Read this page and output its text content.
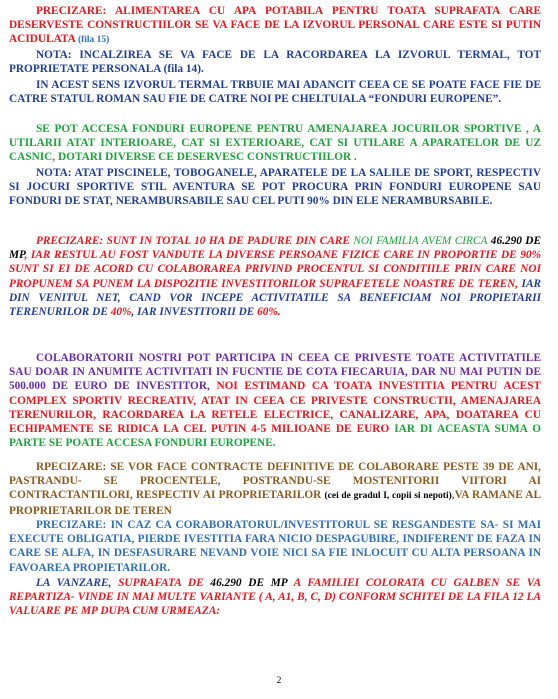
PRECIZARE: ALIMENTAREA CU APA POTABILA PENTRU TOATA SUPRAFATA CARE DESERVESTE CONSTRUCTIILOR SE VA FACE DE LA IZVORUL PERSONAL CARE ESTE SI PUTIN ACIDULATA (fila 15)

NOTA: INCALZIREA SE VA FACE DE LA RACORDAREA LA IZVORUL TERMAL, TOT PROPRIETATE PERSONALA (fila 14).

IN ACEST SENS IZVORUL TERMAL TRBUIE MAI ADANCIT CEEA CE SE POATE FACE FIE DE CATRE STATUL ROMAN SAU FIE DE CATRE NOI PE CHELTUIALA “FONDURI EUROPENE”.

SE POT ACCESA FONDURI EUROPENE PENTRU AMENAJAREA JOCURILOR SPORTIVE , A UTILARII ATAT INTERIOARE, CAT SI EXTERIOARE, CAT SI UTILARE A APARATELOR DE UZ CASNIC, DOTARI DIVERSE CE DESERVESC CONSTRUCTIILOR .

NOTA: ATAT PISCINELE, TOBOGANELE, APARATELE DE LA SALILE DE SPORT, RESPECTIV SI JOCURI SPORTIVE STIL AVENTURA SE POT PROCURA PRIN FONDURI EUROPENE SAU FONDURI DE STAT, NERAMBURSABILE SAU CEL PUTI 90% DIN ELE NERAMBURSABILE.

PRECIZARE: SUNT IN TOTAL 10 HA DE PADURE DIN CARE NOI FAMILIA AVEM CIRCA 46.290 DE MP, IAR RESTUL AU FOST VANDUTE LA DIVERSE PERSOANE FIZICE CARE IN PROPORTIE DE 90% SUNT SI EI DE ACORD CU COLABORAREA PRIVIND PROCENTUL SI CONDITIILE PRIN CARE NOI PROPUNEM SA PUNEM LA DISPOZITIE INVESTITORILOR SUPRAFETELE NOASTRE DE TEREN, IAR DIN VENITUL NET, CAND VOR INCEPE ACTIVITATILE SA BENEFICIAM NOI PROPIETARII TERENURILOR DE 40%, IAR INVESTITORII DE 60%.

COLABORATORII NOSTRI POT PARTICIPA IN CEEA CE PRIVESTE TOATE ACTIVITATILE SAU DOAR IN ANUMITE ACTIVITATI IN FUCNTIE DE COTA FIECARUIA, DAR NU MAI PUTIN DE 500.000 DE EURO DE INVESTITOR, NOI ESTIMAND CA TOATA INVESTITIA PENTRU ACEST COMPLEX SPORTIV RECREATIV, ATAT IN CEEA CE PRIVESTE CONSTRUCTII, AMENAJAREA TERENURILOR, RACORDAREA LA RETELE ELECTRICE, CANALIZARE, APA, DOATAREA CU ECHIPAMENTE SE RIDICA LA CEL PUTIN 4-5 MILIOANE DE EURO IAR DI ACEASTA SUMA O PARTE SE POATE ACCESA FONDURI EUROPENE.

RPECIZARE: SE VOR FACE CONTRACTE DEFINITIVE DE COLABORARE PESTE 39 DE ANI, PASTRANDU- SE PROCENTELE, POSTRANDU-SE MOSTENITORII VIITORI AI CONTRACTANTILORI, RESPECTIV AI PROPRIETARILOR (cei de gradul I, copii si nepoti),VA RAMANE AL PROPRIETARILOR DE TEREN

PRECIZARE: IN CAZ CA CORABORATORUL/INVESTITORUL SE RESGANDESTE SA- SI MAI EXECUTE OBLIGATIA, PIERDE IVESTITIA FARA NICIO DESPAGUBIRE, INDIFERENT DE FAZA IN CARE SE ALFA, IN DESFASURARE NEVAND VOIE NICI SA FIE INLOCUIT CU ALTA PERSOANA IN FAVOAREA PROPIETARILOR.

LA VANZARE, SUPRAFATA DE 46.290 DE MP A FAMILIEI COLORATA CU GALBEN SE VA REPARTIZA- VINDE IN MAI MULTE VARIANTE ( A, A1, B, C, D) CONFORM SCHITEI DE LA FILA 12 LA VALUARE PE MP DUPA CUM URMEAZA:

2
